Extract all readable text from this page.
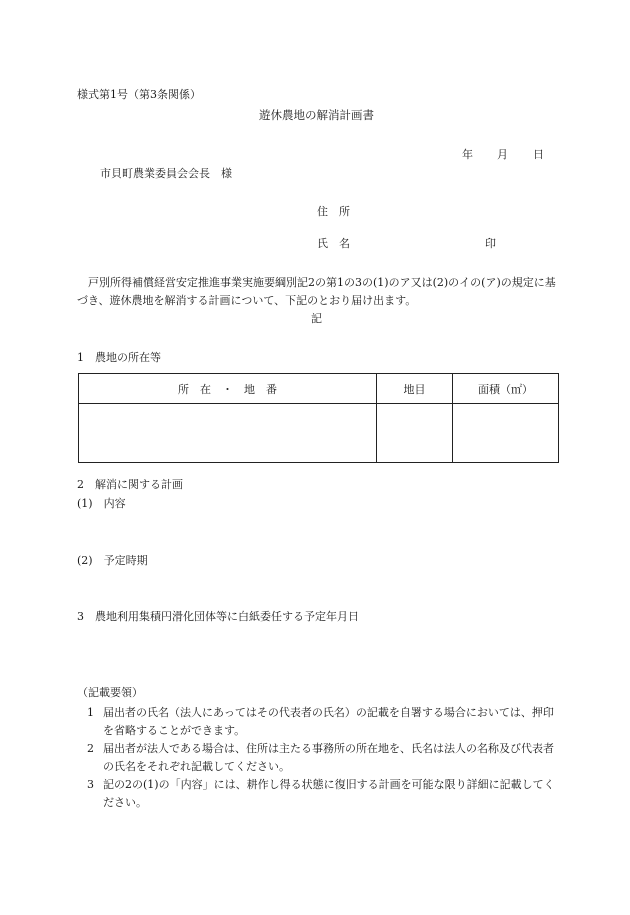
様式第1号（第3条関係）
遊休農地の解消計画書
年 月 日
市貝町農業委員会会長　様
住　所
氏　名	印
　戸別所得補償経営安定推進事業実施要綱別記2の第1の3の(1)のア又は(2)のイの(ア)の規定に基づき、遊休農地を解消する計画について、下記のとおり届け出ます。
記
1　農地の所在等
所　在　・　地　番	地目	面積（㎡）

2　解消に関する計画
(1)　内容
(2)　予定時期
3　農地利用集積円滑化団体等に白紙委任する予定年月日
（記載要領）
1 届出者の氏名（法人にあってはその代表者の氏名）の記載を自署する場合においては、押印を省略することができます。
2 届出者が法人である場合は、住所は主たる事務所の所在地を、氏名は法人の名称及び代表者の氏名をそれぞれ記載してください。
3 記の2の(1)の「内容」には、耕作し得る状態に復旧する計画を可能な限り詳細に記載してください。
